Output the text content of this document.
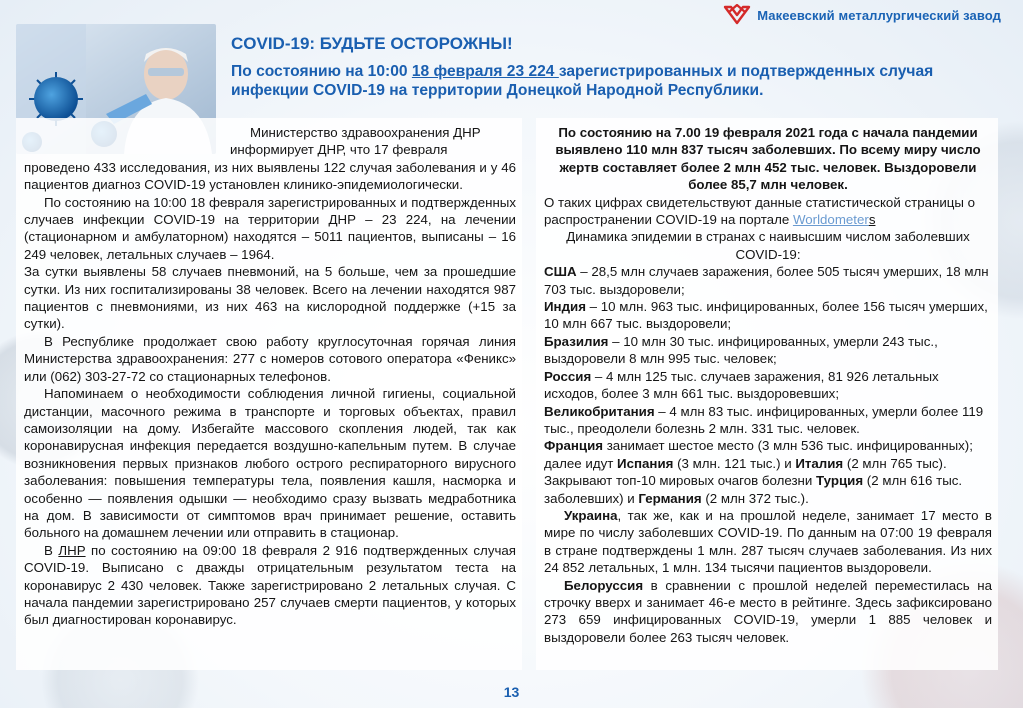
Макеевский металлургический завод
COVID-19: БУДЬТЕ ОСТОРОЖНЫ!
По состоянию на 10:00 18 февраля 23 224 зарегистрированных и подтвержденных случая инфекции COVID-19 на территории Донецкой Народной Республики.

Министерство здравоохранения ДНР информирует ДНР, что 17 февраля

проведено 433 исследования, из них выявлены 122 случая заболевания и у 46 пациентов диагноз COVID-19 установлен клинико-эпидемиологически.

По состоянию на 10:00 18 февраля зарегистрированных и подтвержденных случаев инфекции COVID-19 на территории ДНР – 23 224, на лечении (стационарном и амбулаторном) находятся – 5011 пациентов, выписаны – 16 249 человек, летальных случаев – 1964.

За сутки выявлены 58 случаев пневмоний, на 5 больше, чем за прошедшие сутки. Из них госпитализированы 38 человек. Всего на лечении находятся 987 пациентов с пневмониями, из них 463 на кислородной поддержке (+15 за сутки).

В Республике продолжает свою работу круглосуточная горячая линия Министерства здравоохранения: 277 с номеров сотового оператора «Феникс» или (062) 303-27-72 со стационарных телефонов.

Напоминаем о необходимости соблюдения личной гигиены, социальной дистанции, масочного режима в транспорте и торговых объектах, правил самоизоляции на дому. Избегайте массового скопления людей, так как коронавирусная инфекция передается воздушно-капельным путем. В случае возникновения первых признаков любого острого респираторного вирусного заболевания: повышения температуры тела, появления кашля, насморка и особенно — появления одышки — необходимо сразу вызвать медработника на дом. В зависимости от симптомов врач принимает решение, оставить больного на домашнем лечении или отправить в стационар.

В ЛНР по состоянию на 09:00 18 февраля 2 916 подтвержденных случая COVID-19. Выписано с дважды отрицательным результатом теста на коронавирус 2 430 человек. Также зарегистрировано 2 летальных случая. С начала пандемии зарегистрировано 257 случаев смерти пациентов, у которых был диагностирован коронавирус.

По состоянию на 7.00 19 февраля 2021 года с начала пандемии выявлено 110 млн 837 тысяч заболевших. По всему миру число жертв составляет более 2 млн 452 тыс. человек. Выздоровели более 85,7 млн человек.

О таких цифрах свидетельствуют данные статистической страницы о распространении COVID-19 на портале Worldometers

Динамика эпидемии в странах с наивысшим числом заболевших COVID-19:

США – 28,5 млн случаев заражения, более 505 тысяч умерших, 18 млн 703 тыс. выздоровели;

Индия – 10 млн. 963 тыс. инфицированных, более 156 тысяч умерших, 10 млн 667 тыс. выздоровели;

Бразилия – 10 млн 30 тыс. инфицированных, умерли 243 тыс., выздоровели 8 млн 995 тыс. человек;

Россия – 4 млн 125 тыс. случаев заражения, 81 926 летальных исходов, более 3 млн 661 тыс. выздоровевших;

Великобритания – 4 млн 83 тыс. инфицированных, умерли более 119 тыс., преодолели болезнь 2 млн. 331 тыс. человек.

Франция занимает шестое место (3 млн 536 тыс. инфицированных); далее идут Испания (3 млн. 121 тыс.) и Италия (2 млн 765 тыс). Закрывают топ-10 мировых очагов болезни Турция (2 млн 616 тыс. заболевших) и Германия (2 млн 372 тыс.).

Украина, так же, как и на прошлой неделе, занимает 17 место в мире по числу заболевших COVID-19. По данным на 07:00 19 февраля в стране подтверждены 1 млн. 287 тысяч случаев заболевания. Из них 24 852 летальных, 1 млн. 134 тысячи пациентов выздоровели.

Белоруссия в сравнении с прошлой неделей переместилась на строчку вверх и занимает 46-е место в рейтинге. Здесь зафиксировано 273 659 инфицированных COVID-19, умерли 1 885 человек и выздоровели более 263 тысяч человек.

13
